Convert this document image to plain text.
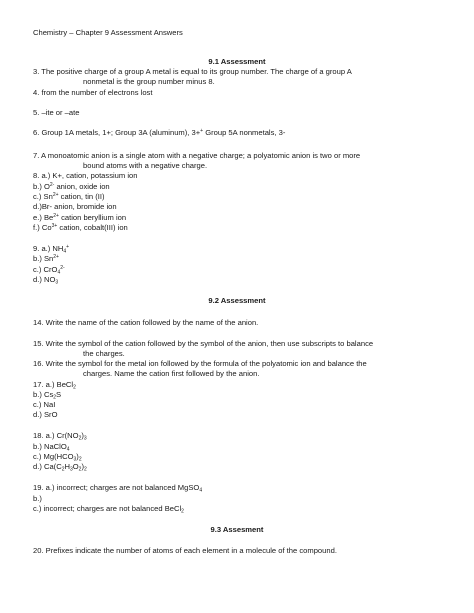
Chemistry – Chapter 9 Assessment Answers
9.1 Assessment
3. The positive charge of a group A metal is equal to its group number. The charge of a group A
nonmetal is the group number minus 8.
4. from the number of electrons lost
5. –ite or –ate
6. Group 1A metals, 1+; Group 3A (aluminum), 3++ Group 5A nonmetals, 3-
7. A monoatomic anion is a single atom with a negative charge; a polyatomic anion is two or more
bound atoms with a negative charge.
8. a.) K+, cation, potassium ion
b.) $O^{2-}$ anion, oxide ion
c.) $Sn^{2+}$ cation, tin (II)
d.)Br- anion, bromide ion
e.) $Be^{2+}$ cation beryllium ion
f.) $Co^{3+}$ cation, cobalt(III) ion
9. a.) $NH_4^+$
b.) $Sn^{2+}$
c.) CrO$_4^{2-}$
d.) $NO_3$
9.2 Assessment
14. Write the name of the cation followed by the name of the anion.
15. Write the symbol of the cation followed by the symbol of the anion, then use subscripts to balance
the charges.
16. Write the symbol for the metal ion followed by the formula of the polyatomic ion and balance the
charges. Name the cation first followed by the anion.
17. a.) BeCl$_2$
b.) $Cs_2S$
c.) NaI
d.) SrO
18. a.) $Cr(NO_2)_3$
b.) NaClO$_4$
c.) $Mg(HCO_3)_2$
d.) $Ca(C_2H_3O_2)_2$
19. a.) incorrect; charges are not balanced MgSO$_4$
b.)
c.) incorrect; charges are not balanced BeCl$_2$
9.3 Assesment
20. Prefixes indicate the number of atoms of each element in a molecule of the compound.
